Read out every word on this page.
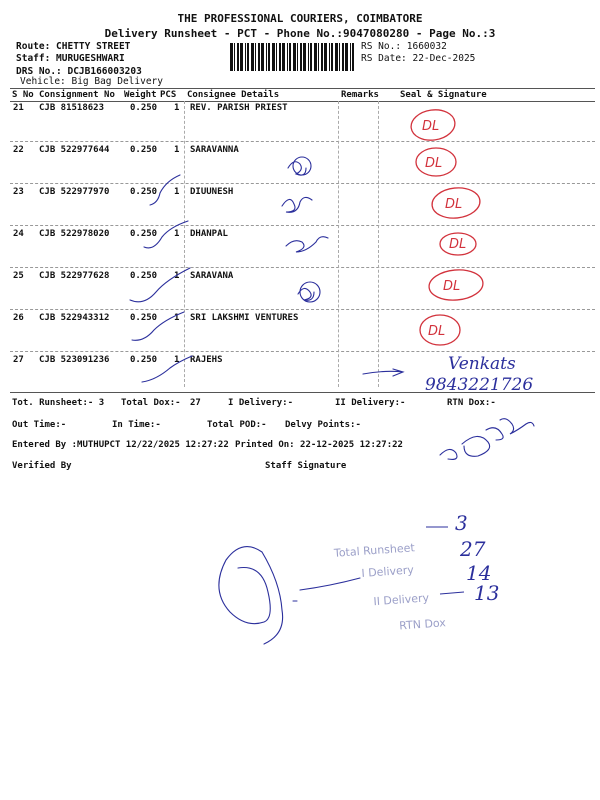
THE PROFESSIONAL COURIERS, COIMBATORE
Delivery Runsheet - PCT - Phone No.:9047080280 - Page No.:3
Route: CHETTY STREET
Staff: MURUGESHWARI
DRS No.: DCJB166003203
Vehicle: Big Bag Delivery
RS No.: 1660032
RS Date: 22-Dec-2025
S No Consignment No Weight PCS Consignee Details	Remarks Seal & Signature
21 CJB 81518623	0.250 1 REV. PARISH PRIEST
22 CJB 522977644 0.250 1 SARAVANNA
23 CJB 522977970 0.250 1 DIUUNESH
24 CJB 522978020 0.250 1 DHANPAL
25 CJB 522977628 0.250 1 SARAVANA
26 CJB 522943312 0.250 1 SRI LAKSHMI VENTURES
27 CJB 523091236 0.250 1 RAJEHS
Tot. Runsheet:- 3 Total Dox:- 27	I Delivery:-	II Delivery:-	RTN Dox:-
Out Time:-	In Time:-	Total POD:- Delvy Points:-
Entered By :MUTHUPCT 12/22/2025 12:27:22 Printed On: 22-12-2025 12:27:22
Verified By	Staff Signature
DL
DL
DL
DL
DL
DL
Venkats
9843221726
Total Runsheet
I Delivery
II Delivery
RTN Dox
3
27
14
13
